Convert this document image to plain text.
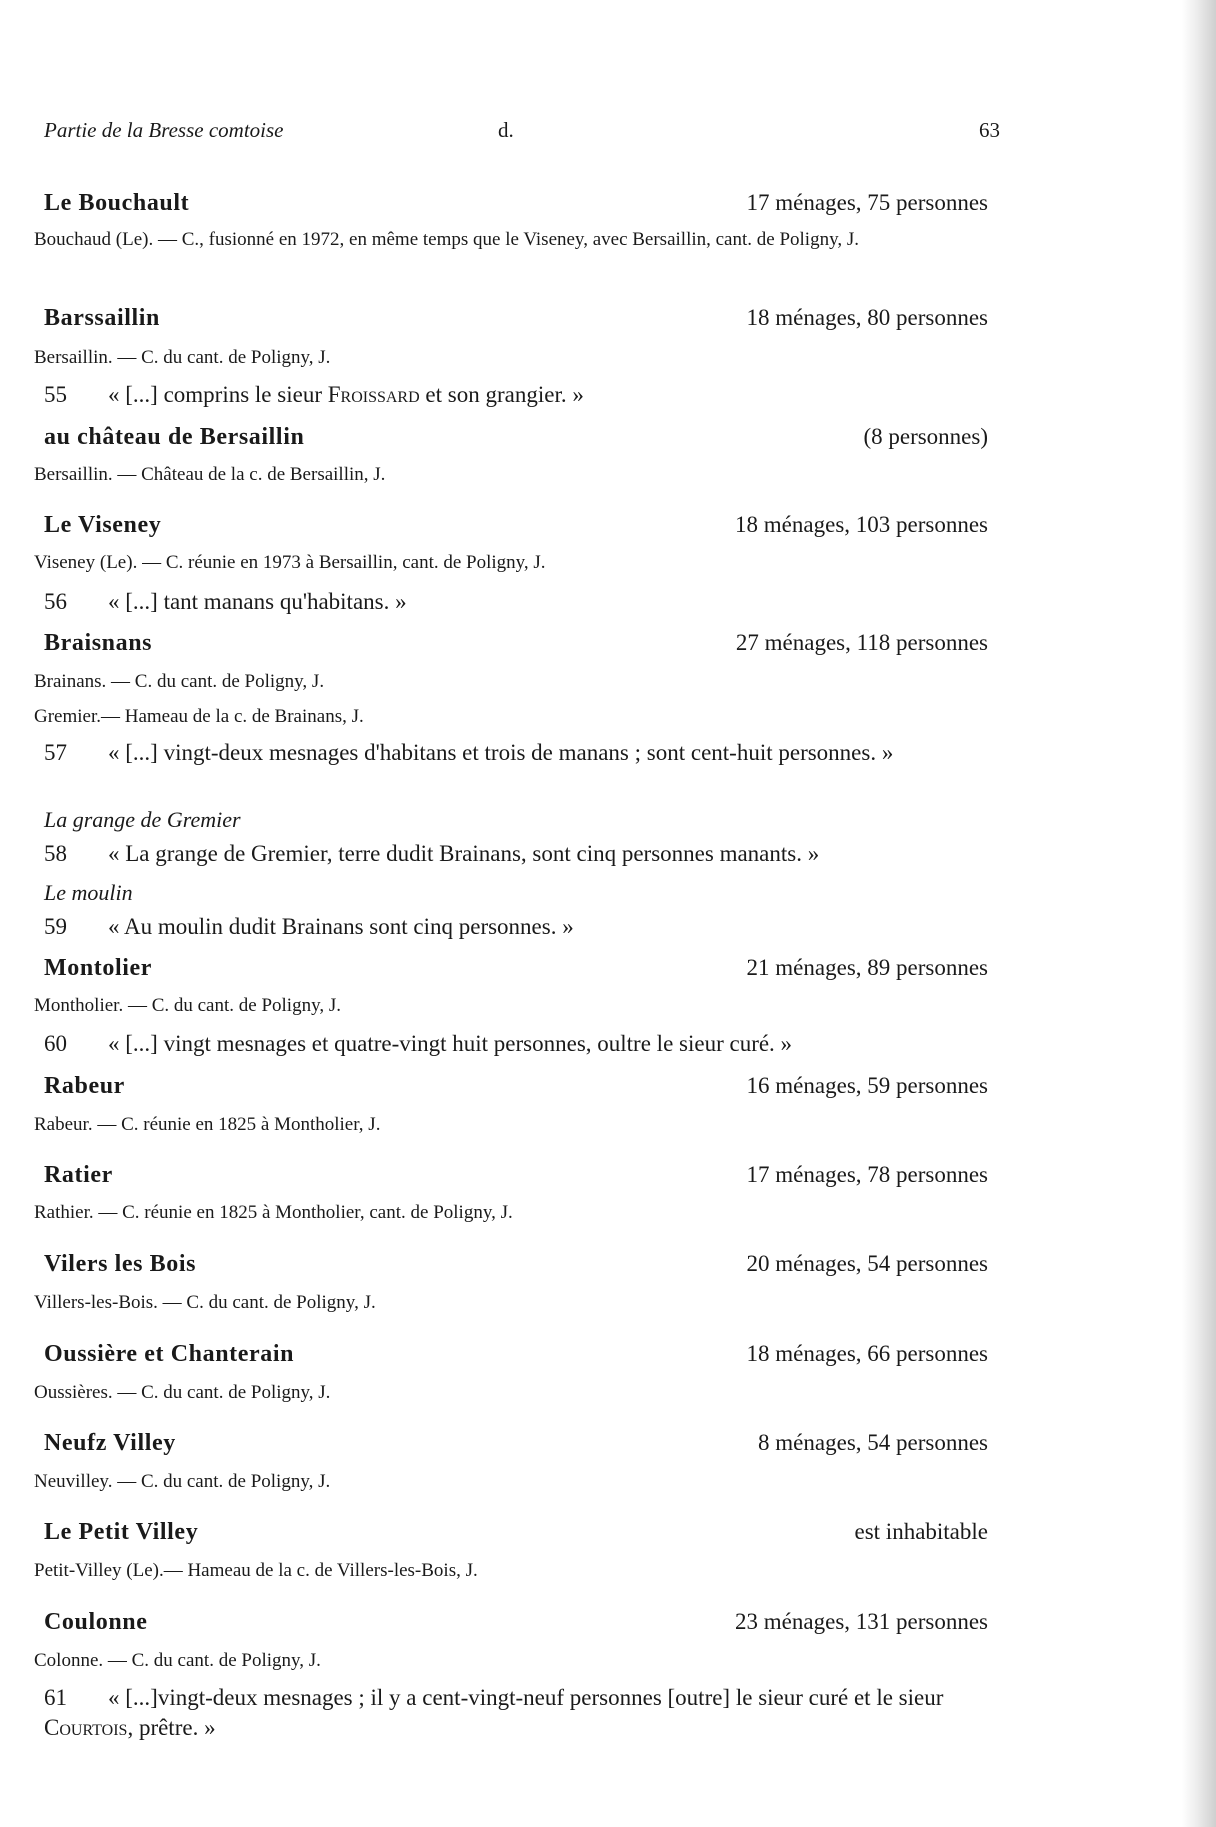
Partie de la Bresse comtoise	d.	63
Le Bouchault	17 ménages, 75 personnes
Bouchaud (Le). — C., fusionné en 1972, en même temps que le Viseney, avec Bersaillin, cant. de Poligny, J.
Barssaillin	18 ménages, 80 personnes
Bersaillin. — C. du cant. de Poligny, J.
55 « [...] comprins le sieur Froissard et son grangier. »
au château de Bersaillin	(8 personnes)
Bersaillin. — Château de la c. de Bersaillin, J.
Le Viseney	18 ménages, 103 personnes
Viseney (Le). — C. réunie en 1973 à Bersaillin, cant. de Poligny, J.
56 « [...] tant manans qu'habitans. »
Braisnans	27 ménages, 118 personnes
Brainans. — C. du cant. de Poligny, J.
Gremier.— Hameau de la c. de Brainans, J.
57 « [...] vingt-deux mesnages d'habitans et trois de manans ; sont cent-huit personnes. »
La grange de Gremier
58 « La grange de Gremier, terre dudit Brainans, sont cinq personnes manants. »
Le moulin
59 « Au moulin dudit Brainans sont cinq personnes. »
Montolier	21 ménages, 89 personnes
Montholier. — C. du cant. de Poligny, J.
60 « [...] vingt mesnages et quatre-vingt huit personnes, oultre le sieur curé. »
Rabeur	16 ménages, 59 personnes
Rabeur. — C. réunie en 1825 à Montholier, J.
Ratier	17 ménages, 78 personnes
Rathier. — C. réunie en 1825 à Montholier, cant. de Poligny, J.
Vilers les Bois	20 ménages, 54 personnes
Villers-les-Bois. — C. du cant. de Poligny, J.
Oussière et Chanterain	18 ménages, 66 personnes
Oussières. — C. du cant. de Poligny, J.
Neufz Villey	8 ménages, 54 personnes
Neuvilley. — C. du cant. de Poligny, J.
Le Petit Villey	est inhabitable
Petit-Villey (Le).— Hameau de la c. de Villers-les-Bois, J.
Coulonne	23 ménages, 131 personnes
Colonne. — C. du cant. de Poligny, J.
61 « [...]vingt-deux mesnages ; il y a cent-vingt-neuf personnes [outre] le sieur curé et le sieur Courtois, prêtre. »
